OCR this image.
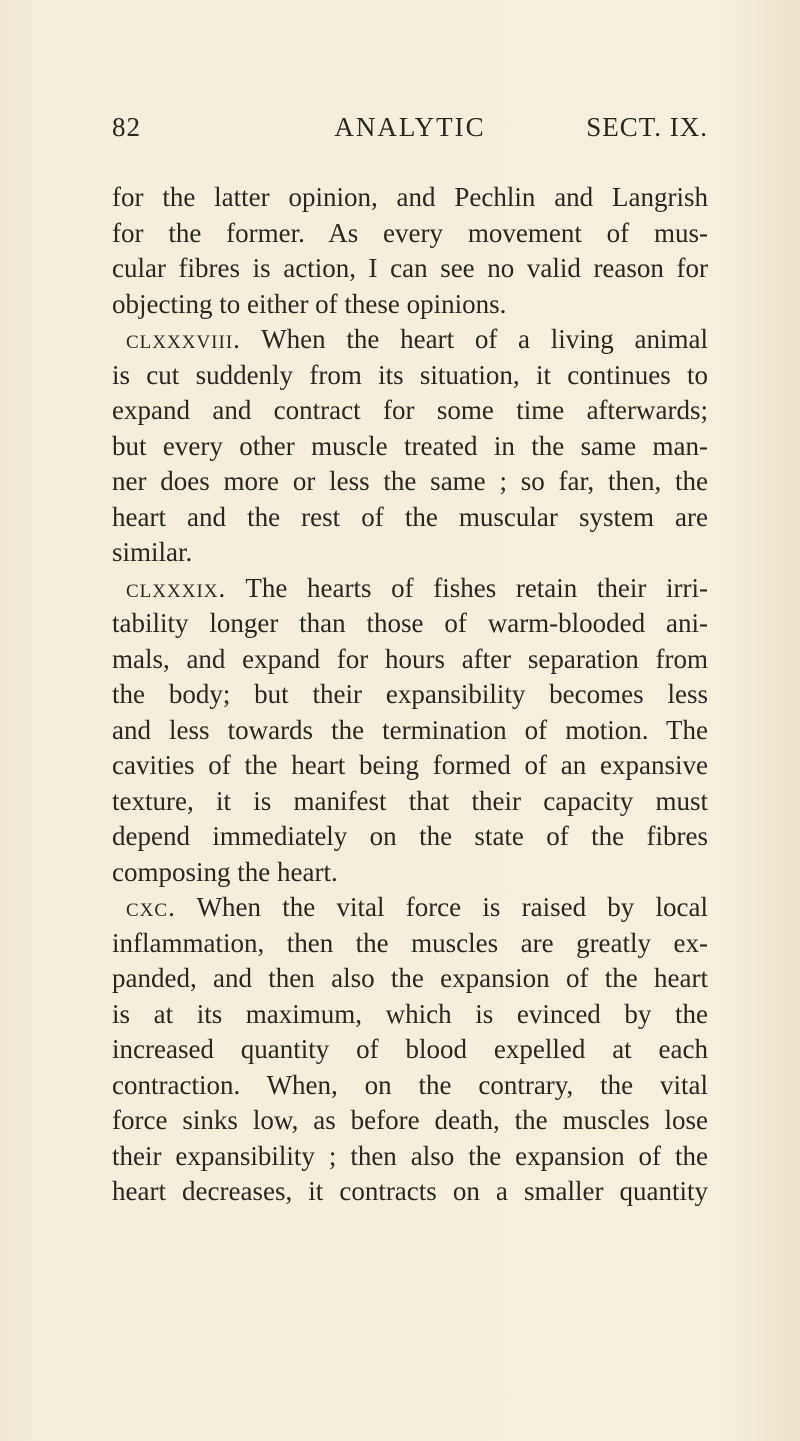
82	ANALYTIC	SECT. IX.
for the latter opinion, and Pechlin and Langrish
for the former. As every movement of mus-
cular fibres is action, I can see no valid reason for
objecting to either of these opinions.
clxxxviii. When the heart of a living animal
is cut suddenly from its situation, it continues to
expand and contract for some time afterwards;
but every other muscle treated in the same man-
ner does more or less the same ; so far, then, the
heart and the rest of the muscular system are
similar.
clxxxix. The hearts of fishes retain their irri-
tability longer than those of warm-blooded ani-
mals, and expand for hours after separation from
the body; but their expansibility becomes less
and less towards the termination of motion. The
cavities of the heart being formed of an expansive
texture, it is manifest that their capacity must
depend immediately on the state of the fibres
composing the heart.
cxc. When the vital force is raised by local
inflammation, then the muscles are greatly ex-
panded, and then also the expansion of the heart
is at its maximum, which is evinced by the
increased quantity of blood expelled at each
contraction. When, on the contrary, the vital
force sinks low, as before death, the muscles lose
their expansibility ; then also the expansion of the
heart decreases, it contracts on a smaller quantity
